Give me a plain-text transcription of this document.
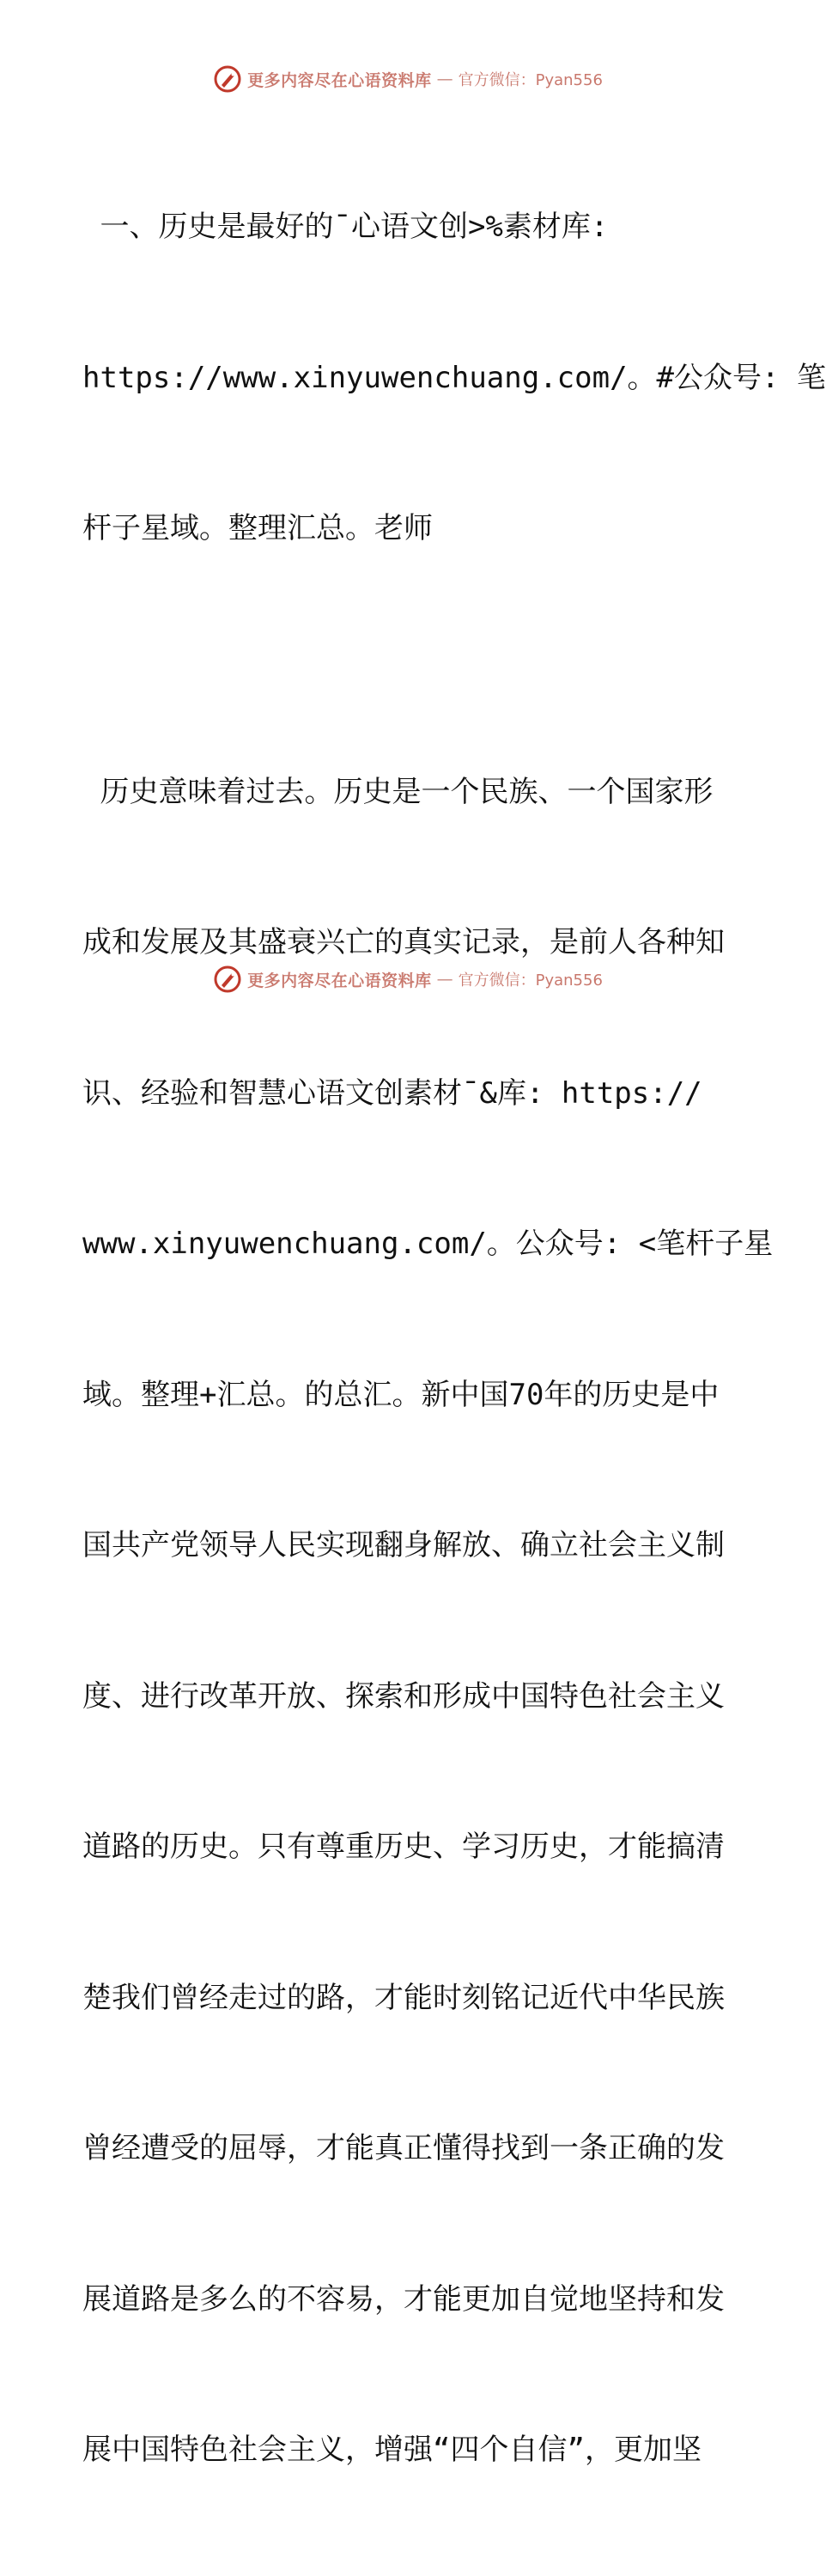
更多内容尽在心语资料库 — 官方微信：Pyan556

一、历史是最好的¯心语文创>%素材库:

https://www.xinyuwenchuang.com/。#公众号: 笔

杆子星域。整理汇总。老师

历史意味着过去。历史是一个民族、一个国家形

成和发展及其盛衰兴亡的真实记录，是前人各种知

识、经验和智慧心语文创素材¯&库: https://

www.xinyuwenchuang.com/。公众号: <笔杆子星

域。整理+汇总。的总汇。新中国70年的历史是中

国共产党领导人民实现翻身解放、确立社会主义制

度、进行改革开放、探索和形成中国特色社会主义

道路的历史。只有尊重历史、学习历史，才能搞清

楚我们曾经走过的路，才能时刻铭记近代中华民族

曾经遭受的屈辱，才能真正懂得找到一条正确的发

展道路是多么的不容易，才能更加自觉地坚持和发

展中国特色社会主义，增强“四个自信”，更加坚

更多内容尽在心语资料库 — 官方微信：Pyan556
